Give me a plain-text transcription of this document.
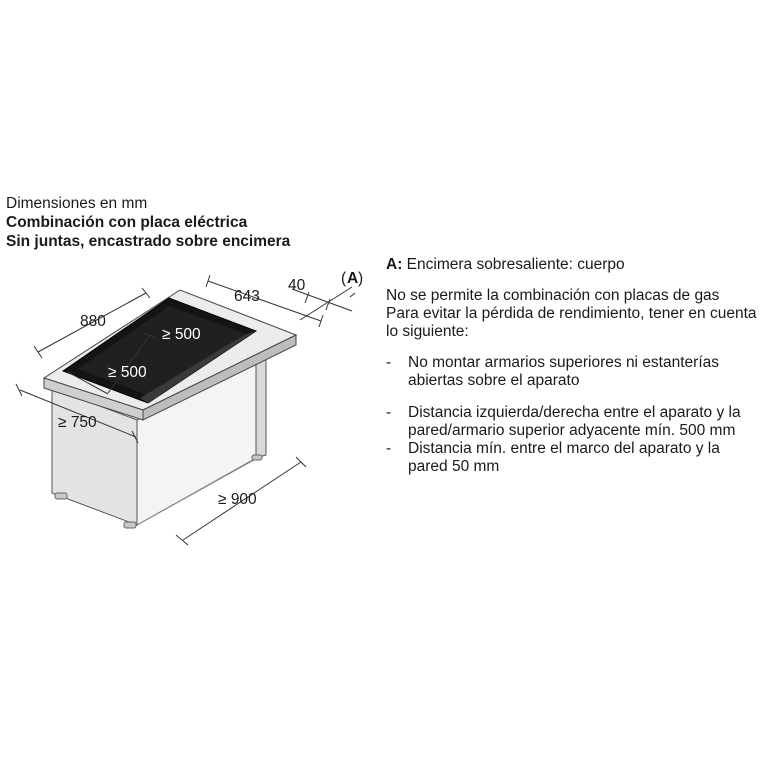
Dimensiones en mm
Combinación con placa eléctrica
Sin juntas, encastrado sobre encimera
880
643
40 ( A )
≥ 500
≥ 500
≥ 750
≥ 900

A: Encimera sobresaliente: cuerpo

No se permite la combinación con placas de gas

Para evitar la pérdida de rendimiento, tener en cuenta lo siguiente:

-	No montar armarios superiores ni estanterías abiertas sobre el aparato
-	Distancia izquierda/derecha entre el aparato y la pared/armario superior adyacente mín. 500 mm
-	Distancia mín. entre el marco del aparato y la pared 50 mm
